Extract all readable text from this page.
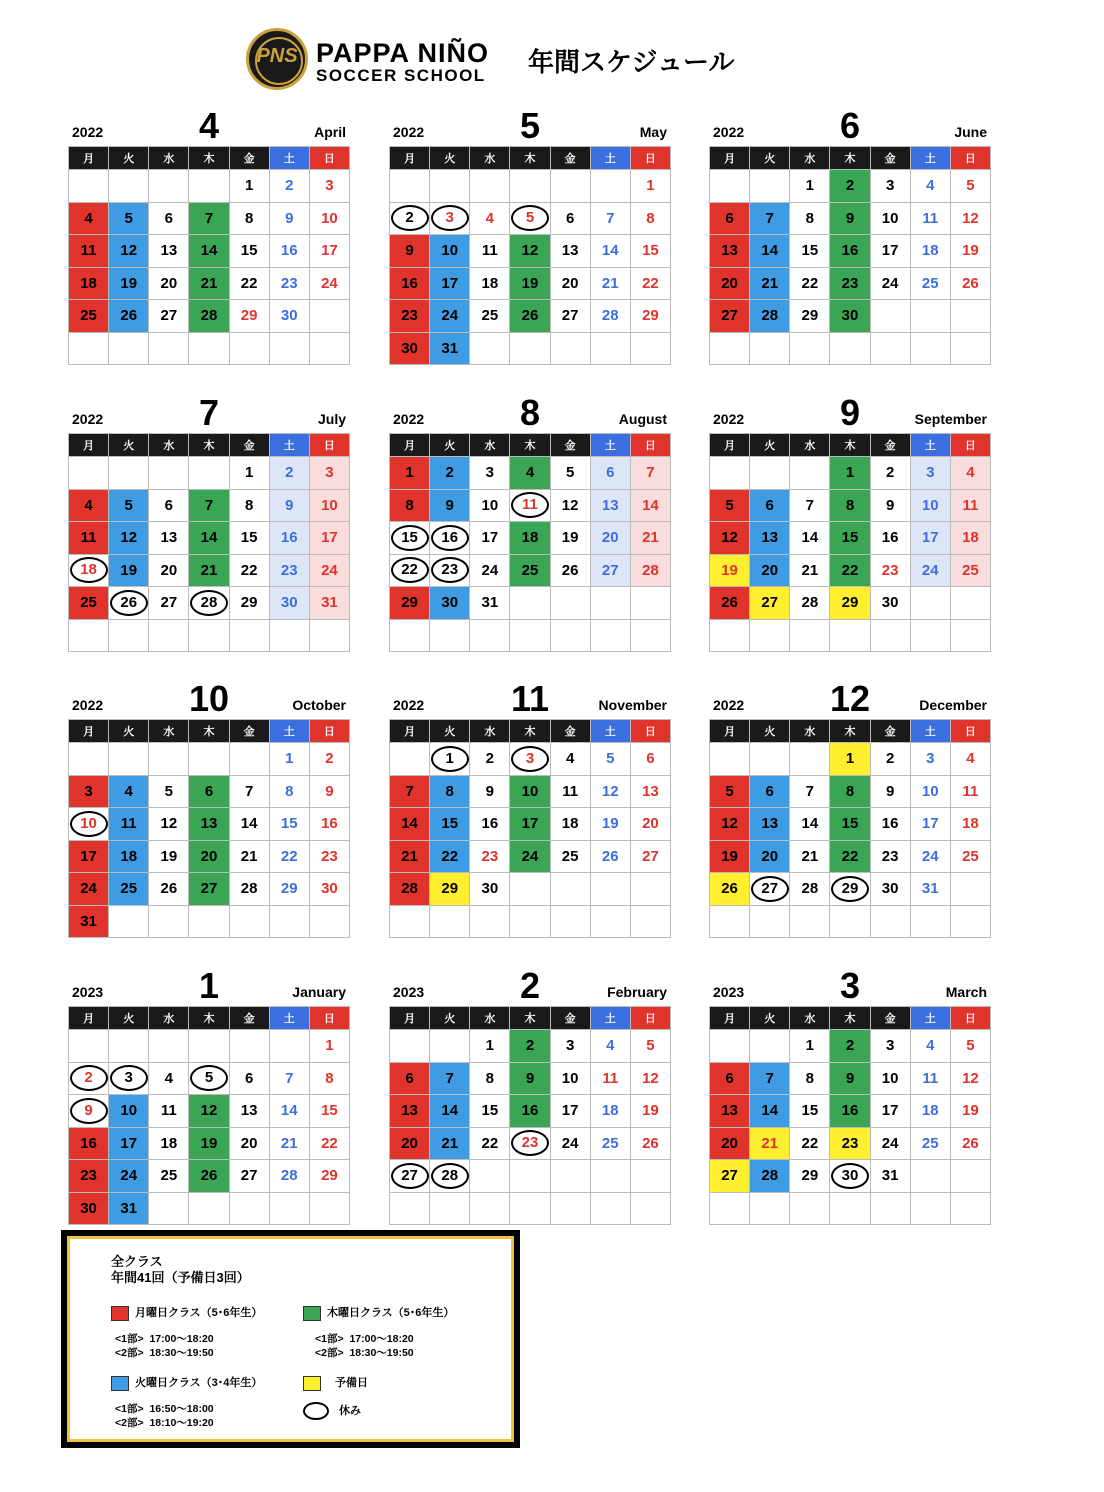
PNS PAPPA NIÑO
SOCCER SCHOOL 年間スケジュール
2022	4	April
月	火	水	木	金	土	日
				1	2	3
4	5	6	7	8	9	10
11	12	13	14	15	16	17
18	19	20	21	22	23	24
25	26	27	28	29	30	

2022	5	May
月	火	水	木	金	土	日
						1
2	3	4	5	6	7	8
9	10	11	12	13	14	15
16	17	18	19	20	21	22
23	24	25	26	27	28	29
30	31					
2022	6	June
月	火	水	木	金	土	日
		1	2	3	4	5
6	7	8	9	10	11	12
13	14	15	16	17	18	19
20	21	22	23	24	25	26
27	28	29	30			

2022	7	July
月	火	水	木	金	土	日
				1	2	3
4	5	6	7	8	9	10
11	12	13	14	15	16	17
18	19	20	21	22	23	24
25	26	27	28	29	30	31

2022	8	August
月	火	水	木	金	土	日
1	2	3	4	5	6	7
8	9	10	11	12	13	14
15	16	17	18	19	20	21
22	23	24	25	26	27	28
29	30	31				

2022	9	September
月	火	水	木	金	土	日
			1	2	3	4
5	6	7	8	9	10	11
12	13	14	15	16	17	18
19	20	21	22	23	24	25
26	27	28	29	30		

2022	10	October
月	火	水	木	金	土	日
					1	2
3	4	5	6	7	8	9
10	11	12	13	14	15	16
17	18	19	20	21	22	23
24	25	26	27	28	29	30
31						
2022	11	November
月	火	水	木	金	土	日
	1	2	3	4	5	6
7	8	9	10	11	12	13
14	15	16	17	18	19	20
21	22	23	24	25	26	27
28	29	30				

2022	12	December
月	火	水	木	金	土	日
			1	2	3	4
5	6	7	8	9	10	11
12	13	14	15	16	17	18
19	20	21	22	23	24	25
26	27	28	29	30	31	

2023	1	January
月	火	水	木	金	土	日
						1
2	3	4	5	6	7	8
9	10	11	12	13	14	15
16	17	18	19	20	21	22
23	24	25	26	27	28	29
30	31					
2023	2	February
月	火	水	木	金	土	日
		1	2	3	4	5
6	7	8	9	10	11	12
13	14	15	16	17	18	19
20	21	22	23	24	25	26
27	28					

2023	3	March
月	火	水	木	金	土	日
		1	2	3	4	5
6	7	8	9	10	11	12
13	14	15	16	17	18	19
20	21	22	23	24	25	26
27	28	29	30	31		

全クラス
年間41回（予備日3回）
月曜日クラス（5･6年生）	木曜日クラス（5･6年生）
<1部>  17:00～18:20
<2部>  18:30～19:50
<1部>  17:00～18:20
<2部>  18:30～19:50
火曜日クラス（3･4年生）	予備日
<1部>  16:50～18:00
<2部>  18:10～19:20
休み
